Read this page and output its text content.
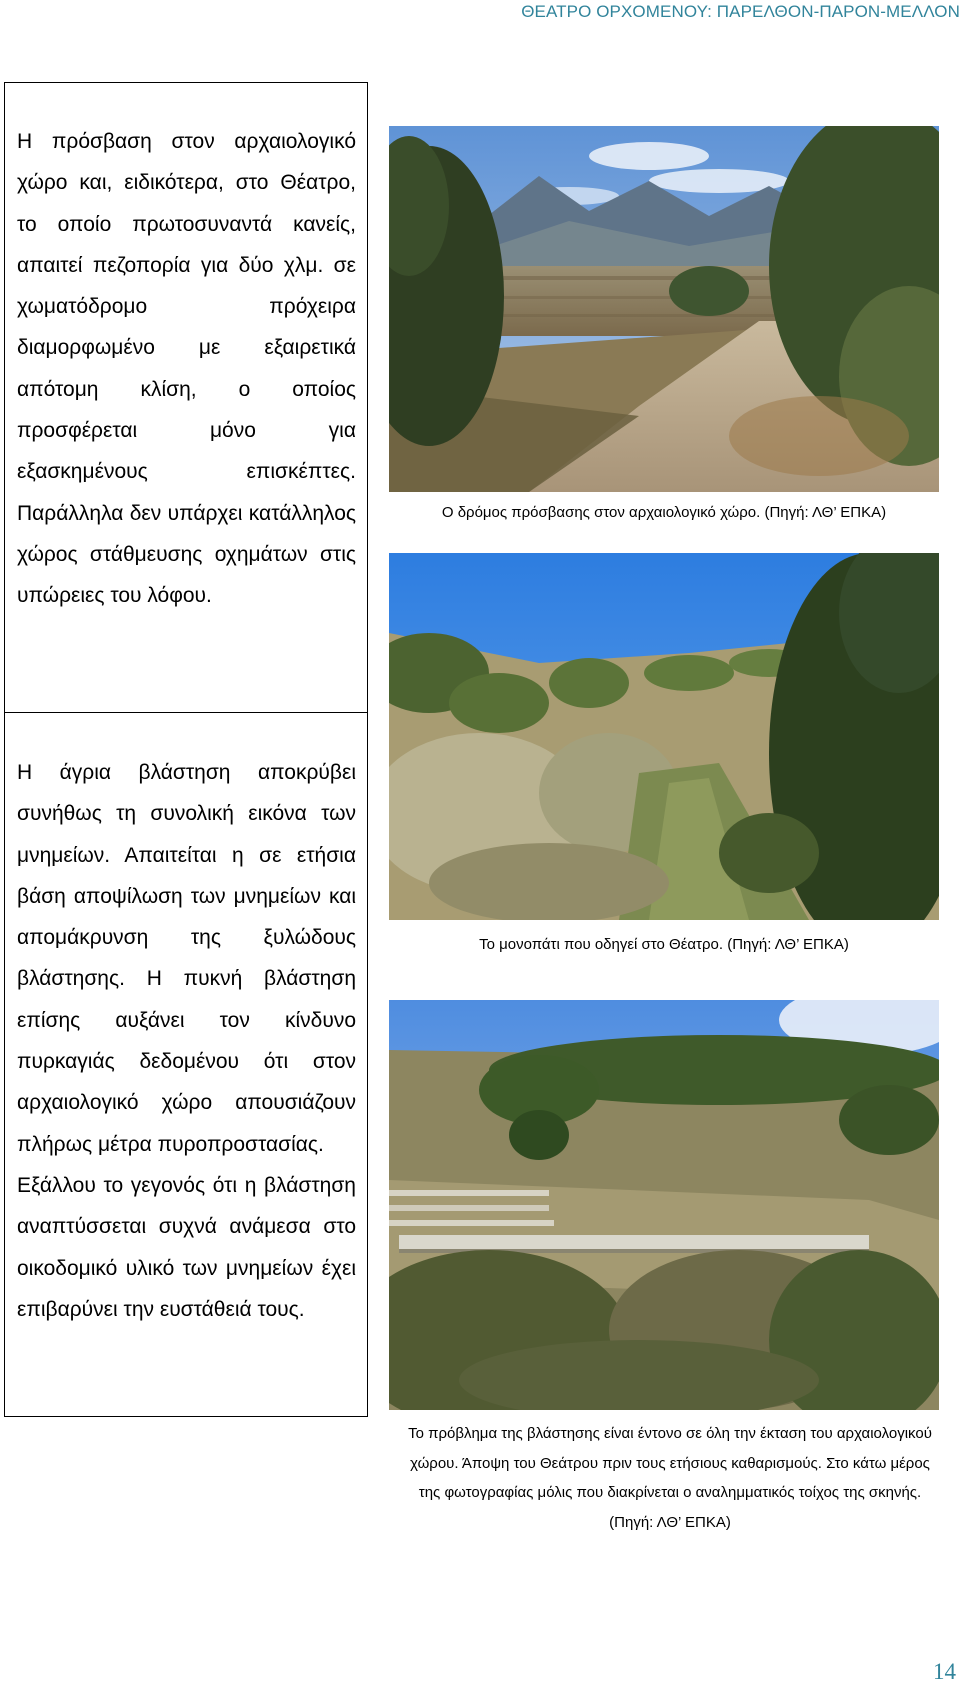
ΘΕΑΤΡΟ ΟΡΧΟΜΕΝΟΥ: ΠΑΡΕΛΘΟΝ-ΠΑΡΟΝ-ΜΕΛΛΟΝ

Η πρόσβαση στον αρχαιολογικό χώρο και, ειδικότερα, στο Θέατρο, το οποίο πρωτοσυναντά κανείς, απαιτεί πεζοπορία για δύο χλμ. σε χωματόδρομο πρόχειρα διαμορφωμένο με εξαιρετικά απότομη κλίση, ο οποίος προσφέρεται μόνο για εξασκημένους επισκέπτες. Παράλληλα δεν υπάρχει κατάλληλος χώρος στάθμευσης οχημάτων στις υπώρειες του λόφου.

Η άγρια βλάστηση αποκρύβει συνήθως τη συνολική εικόνα των μνημείων. Απαιτείται η σε ετήσια βάση αποψίλωση των μνημείων και απομάκρυνση της ξυλώδους βλάστησης. Η πυκνή βλάστηση επίσης αυξάνει τον κίνδυνο πυρκαγιάς δεδομένου ότι στον αρχαιολογικό χώρο απουσιάζουν πλήρως μέτρα πυροπροστασίας.

Εξάλλου το γεγονός ότι η βλάστηση αναπτύσσεται συχνά ανάμεσα στο οικοδομικό υλικό των μνημείων έχει επιβαρύνει την ευστάθειά τους.

Ο δρόμος πρόσβασης στον αρχαιολογικό χώρο. (Πηγή: ΛΘ’ ΕΠΚΑ)
Το μονοπάτι που οδηγεί στο Θέατρο. (Πηγή: ΛΘ’ ΕΠΚΑ)
Το πρόβλημα της βλάστησης είναι έντονο σε όλη την έκταση του αρχαιολογικού χώρου. Άποψη του Θεάτρου πριν τους ετήσιους καθαρισμούς. Στο κάτω μέρος της φωτογραφίας μόλις που διακρίνεται ο αναλημματικός τοίχος της σκηνής. (Πηγή: ΛΘ’ ΕΠΚΑ)
14
